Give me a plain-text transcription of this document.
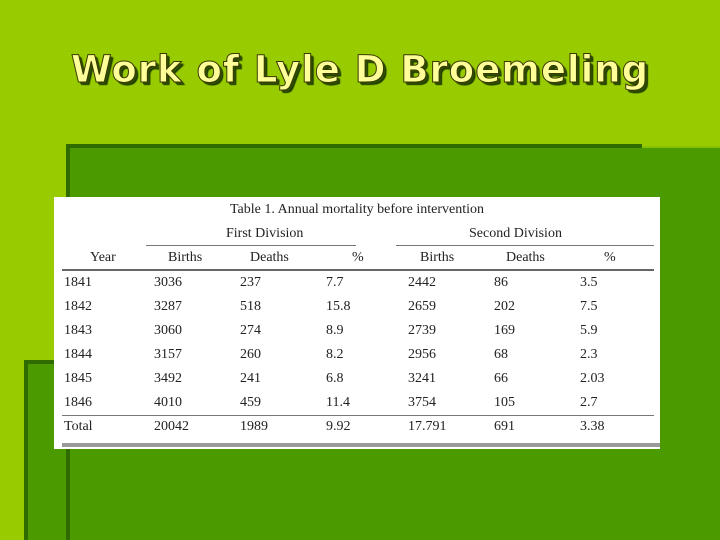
Work of Lyle D Broemeling
Table 1. Annual mortality before intervention
First Division	Second Division
Year	Births	Deaths	%	Births	Deaths	%
1841	3036	237	7.7	2442	86	3.5
1842	3287	518	15.8	2659	202	7.5
1843	3060	274	8.9	2739	169	5.9
1844	3157	260	8.2	2956	68	2.3
1845	3492	241	6.8	3241	66	2.03
1846	4010	459	11.4	3754	105	2.7
Total	20042	1989	9.92	17.791	691	3.38
